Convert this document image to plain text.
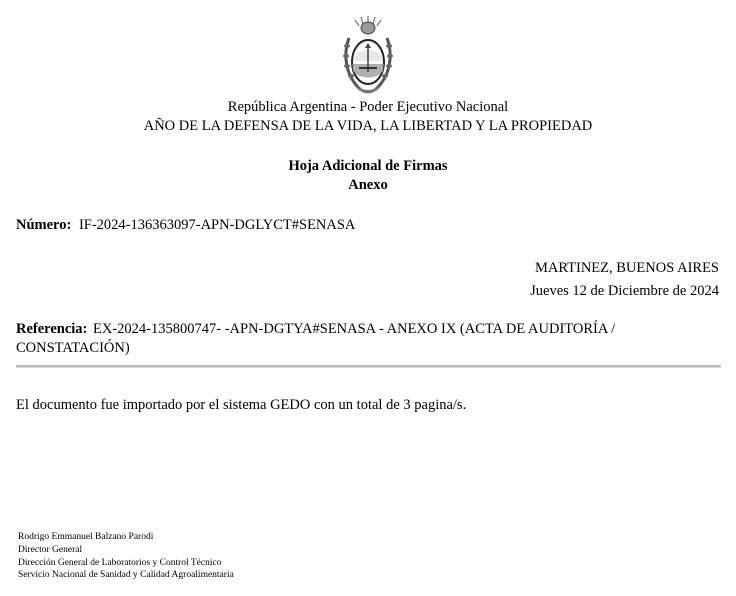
República Argentina - Poder Ejecutivo Nacional
AÑO DE LA DEFENSA DE LA VIDA, LA LIBERTAD Y LA PROPIEDAD
Hoja Adicional de Firmas
Anexo
Número: IF-2024-136363097-APN-DGLYCT#SENASA
MARTINEZ, BUENOS AIRES
Jueves 12 de Diciembre de 2024
Referencia: EX-2024-135800747- -APN-DGTYA#SENASA - ANEXO IX (ACTA DE AUDITORÍA /
CONSTATACIÓN)
El documento fue importado por el sistema GEDO con un total de 3 pagina/s.
Rodrigo Emmanuel Balzano Parodi
Director General
Dirección General de Laboratorios y Control Técnico
Servicio Nacional de Sanidad y Calidad Agroalimentaria
